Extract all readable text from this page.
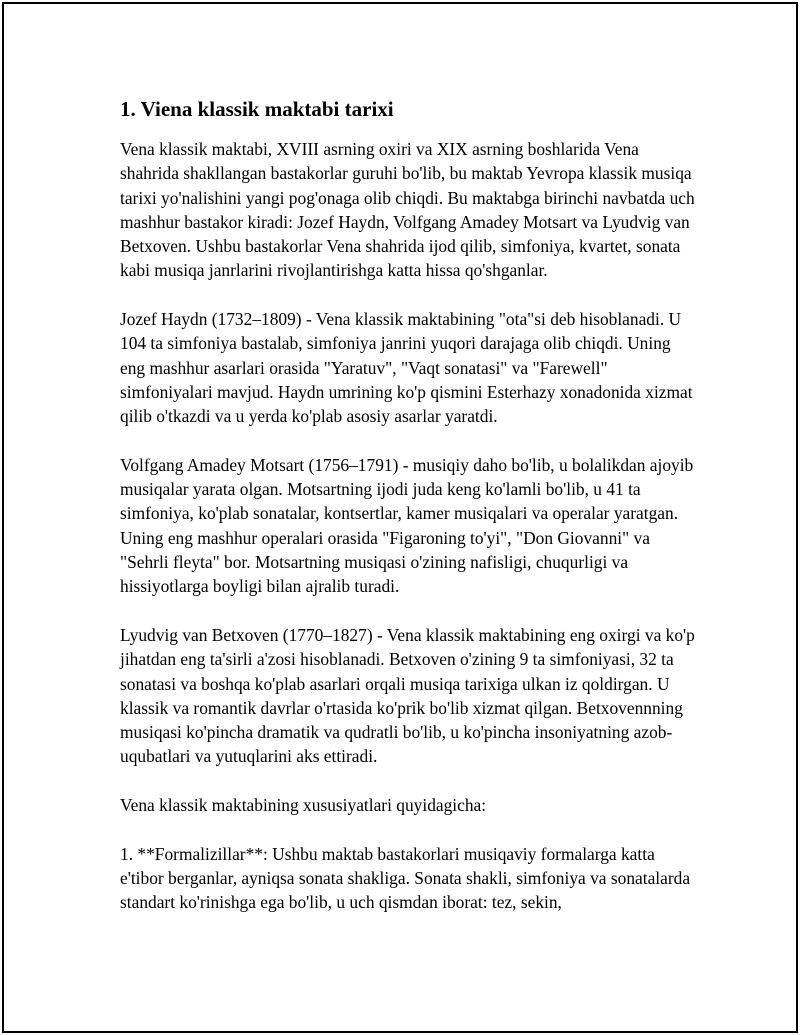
1. Viena klassik maktabi tarixi

Vena klassik maktabi, XVIII asrning oxiri va XIX asrning boshlarida Vena shahrida shakllangan bastakorlar guruhi bo'lib, bu maktab Yevropa klassik musiqa tarixi yo'nalishini yangi pog'onaga olib chiqdi. Bu maktabga birinchi navbatda uch mashhur bastakor kiradi: Jozef Haydn, Volfgang Amadey Motsart va Lyudvig van Betxoven. Ushbu bastakorlar Vena shahrida ijod qilib, simfoniya, kvartet, sonata kabi musiqa janrlarini rivojlantirishga katta hissa qo'shganlar.

Jozef Haydn (1732–1809) - Vena klassik maktabining "ota"si deb hisoblanadi. U 104 ta simfoniya bastalab, simfoniya janrini yuqori darajaga olib chiqdi. Uning eng mashhur asarlari orasida "Yaratuv", "Vaqt sonatasi" va "Farewell" simfoniyalari mavjud. Haydn umrining ko'p qismini Esterhazy xonadonida xizmat qilib o'tkazdi va u yerda ko'plab asosiy asarlar yaratdi.

Volfgang Amadey Motsart (1756–1791) - musiqiy daho bo'lib, u bolalikdan ajoyib musiqalar yarata olgan. Motsartning ijodi juda keng ko'lamli bo'lib, u 41 ta simfoniya, ko'plab sonatalar, kontsertlar, kamer musiqalari va operalar yaratgan. Uning eng mashhur operalari orasida "Figaroning to'yi", "Don Giovanni" va "Sehrli fleyta" bor. Motsartning musiqasi o'zining nafisligi, chuqurligi va hissiyotlarga boyligi bilan ajralib turadi.

Lyudvig van Betxoven (1770–1827) - Vena klassik maktabining eng oxirgi va ko'p jihatdan eng ta'sirli a'zosi hisoblanadi. Betxoven o'zining 9 ta simfoniyasi, 32 ta sonatasi va boshqa ko'plab asarlari orqali musiqa tarixiga ulkan iz qoldirgan. U klassik va romantik davrlar o'rtasida ko'prik bo'lib xizmat qilgan. Betxovennning musiqasi ko'pincha dramatik va qudratli bo'lib, u ko'pincha insoniyatning azob-uqubatlari va yutuqlarini aks ettiradi.

Vena klassik maktabining xususiyatlari quyidagicha:

1. **Formalizillar**: Ushbu maktab bastakorlari musiqaviy formalarga katta e'tibor berganlar, ayniqsa sonata shakliga. Sonata shakli, simfoniya va sonatalarda standart ko'rinishga ega bo'lib, u uch qismdan iborat: tez, sekin,
